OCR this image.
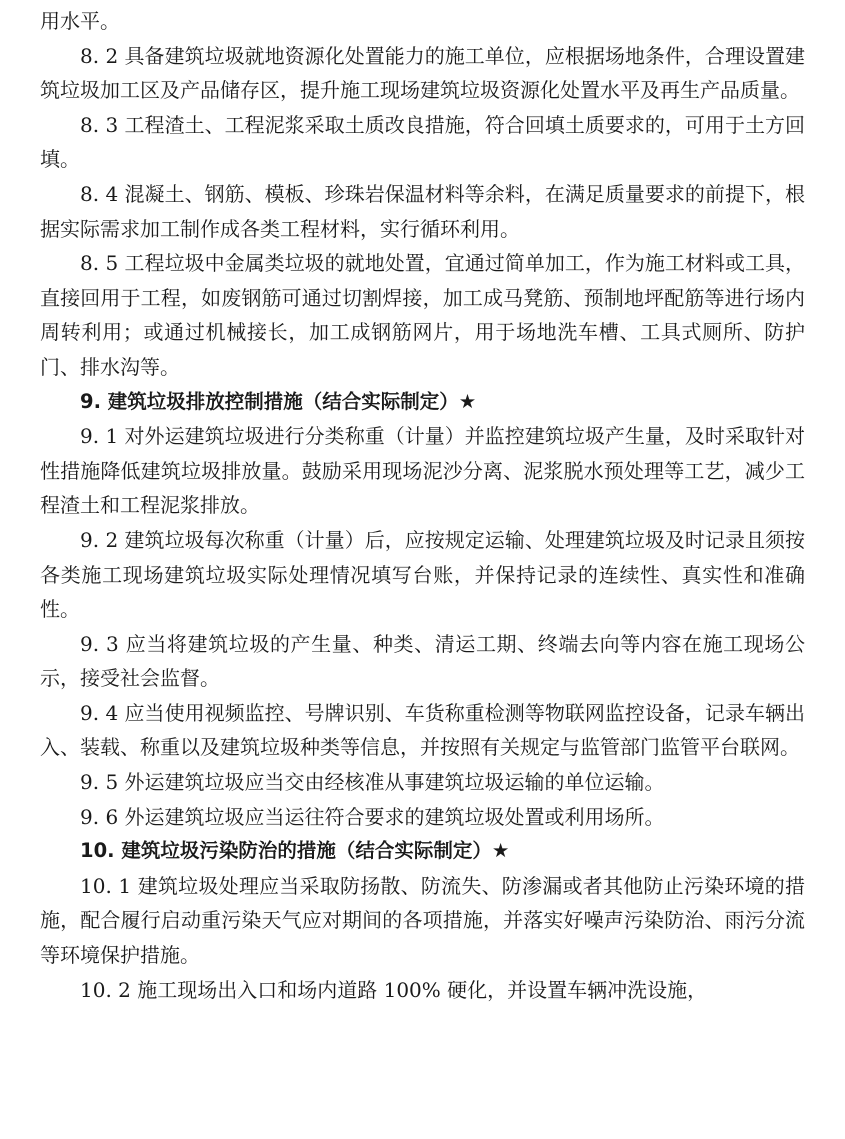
用水平。

8. 2 具备建筑垃圾就地资源化处置能力的施工单位，应根据场地条件，合理设置建筑垃圾加工区及产品储存区，提升施工现场建筑垃圾资源化处置水平及再生产品质量。

8. 3 工程渣土、工程泥浆采取土质改良措施，符合回填土质要求的，可用于土方回填。

8. 4 混凝土、钢筋、模板、珍珠岩保温材料等余料，在满足质量要求的前提下，根据实际需求加工制作成各类工程材料，实行循环利用。

8. 5 工程垃圾中金属类垃圾的就地处置，宜通过简单加工，作为施工材料或工具，直接回用于工程，如废钢筋可通过切割焊接，加工成马凳筋、预制地坪配筋等进行场内周转利用；或通过机械接长，加工成钢筋网片，用于场地洗车槽、工具式厕所、防护门、排水沟等。

9. 建筑垃圾排放控制措施（结合实际制定）★

9. 1 对外运建筑垃圾进行分类称重（计量）并监控建筑垃圾产生量，及时采取针对性措施降低建筑垃圾排放量。鼓励采用现场泥沙分离、泥浆脱水预处理等工艺，减少工程渣土和工程泥浆排放。

9. 2 建筑垃圾每次称重（计量）后，应按规定运输、处理建筑垃圾及时记录且须按各类施工现场建筑垃圾实际处理情况填写台账，并保持记录的连续性、真实性和准确性。

9. 3 应当将建筑垃圾的产生量、种类、清运工期、终端去向等内容在施工现场公示，接受社会监督。

9. 4 应当使用视频监控、号牌识别、车货称重检测等物联网监控设备，记录车辆出入、装载、称重以及建筑垃圾种类等信息，并按照有关规定与监管部门监管平台联网。

9. 5 外运建筑垃圾应当交由经核准从事建筑垃圾运输的单位运输。

9. 6 外运建筑垃圾应当运往符合要求的建筑垃圾处置或利用场所。

10. 建筑垃圾污染防治的措施（结合实际制定）★

10. 1 建筑垃圾处理应当采取防扬散、防流失、防渗漏或者其他防止污染环境的措施，配合履行启动重污染天气应对期间的各项措施，并落实好噪声污染防治、雨污分流等环境保护措施。

10. 2 施工现场出入口和场内道路 100% 硬化，并设置车辆冲洗设施，
